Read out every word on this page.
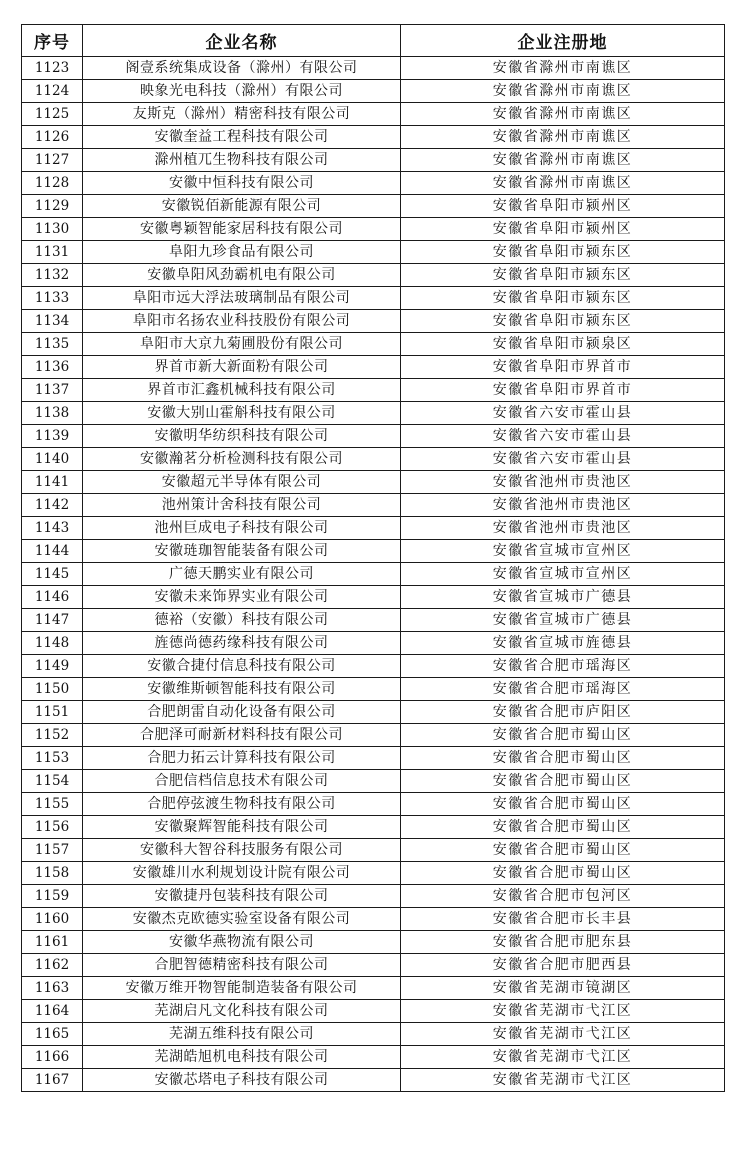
序号	企业名称	企业注册地
1123	阁壹系统集成设备（滁州）有限公司	安徽省滁州市南谯区
1124	映象光电科技（滁州）有限公司	安徽省滁州市南谯区
1125	友斯克（滁州）精密科技有限公司	安徽省滁州市南谯区
1126	安徽奎益工程科技有限公司	安徽省滁州市南谯区
1127	滁州植兀生物科技有限公司	安徽省滁州市南谯区
1128	安徽中恒科技有限公司	安徽省滁州市南谯区
1129	安徽锐佰新能源有限公司	安徽省阜阳市颍州区
1130	安徽粤颖智能家居科技有限公司	安徽省阜阳市颍州区
1131	阜阳九珍食品有限公司	安徽省阜阳市颍东区
1132	安徽阜阳风劲霸机电有限公司	安徽省阜阳市颍东区
1133	阜阳市远大浮法玻璃制品有限公司	安徽省阜阳市颍东区
1134	阜阳市名扬农业科技股份有限公司	安徽省阜阳市颍东区
1135	阜阳市大京九菊圃股份有限公司	安徽省阜阳市颍泉区
1136	界首市新大新面粉有限公司	安徽省阜阳市界首市
1137	界首市汇鑫机械科技有限公司	安徽省阜阳市界首市
1138	安徽大别山霍斛科技有限公司	安徽省六安市霍山县
1139	安徽明华纺织科技有限公司	安徽省六安市霍山县
1140	安徽瀚茗分析检测科技有限公司	安徽省六安市霍山县
1141	安徽超元半导体有限公司	安徽省池州市贵池区
1142	池州策计舍科技有限公司	安徽省池州市贵池区
1143	池州巨成电子科技有限公司	安徽省池州市贵池区
1144	安徽琏珈智能装备有限公司	安徽省宣城市宣州区
1145	广德天鹏实业有限公司	安徽省宣城市宣州区
1146	安徽未来饰界实业有限公司	安徽省宣城市广德县
1147	德裕（安徽）科技有限公司	安徽省宣城市广德县
1148	旌德尚德药缘科技有限公司	安徽省宣城市旌德县
1149	安徽合捷付信息科技有限公司	安徽省合肥市瑶海区
1150	安徽维斯顿智能科技有限公司	安徽省合肥市瑶海区
1151	合肥朗雷自动化设备有限公司	安徽省合肥市庐阳区
1152	合肥泽可耐新材料科技有限公司	安徽省合肥市蜀山区
1153	合肥力拓云计算科技有限公司	安徽省合肥市蜀山区
1154	合肥信档信息技术有限公司	安徽省合肥市蜀山区
1155	合肥停弦渡生物科技有限公司	安徽省合肥市蜀山区
1156	安徽聚辉智能科技有限公司	安徽省合肥市蜀山区
1157	安徽科大智谷科技服务有限公司	安徽省合肥市蜀山区
1158	安徽雄川水利规划设计院有限公司	安徽省合肥市蜀山区
1159	安徽捷丹包装科技有限公司	安徽省合肥市包河区
1160	安徽杰克欧德实验室设备有限公司	安徽省合肥市长丰县
1161	安徽华燕物流有限公司	安徽省合肥市肥东县
1162	合肥智德精密科技有限公司	安徽省合肥市肥西县
1163	安徽万维开物智能制造装备有限公司	安徽省芜湖市镜湖区
1164	芜湖启凡文化科技有限公司	安徽省芜湖市弋江区
1165	芜湖五维科技有限公司	安徽省芜湖市弋江区
1166	芜湖皓旭机电科技有限公司	安徽省芜湖市弋江区
1167	安徽芯塔电子科技有限公司	安徽省芜湖市弋江区
